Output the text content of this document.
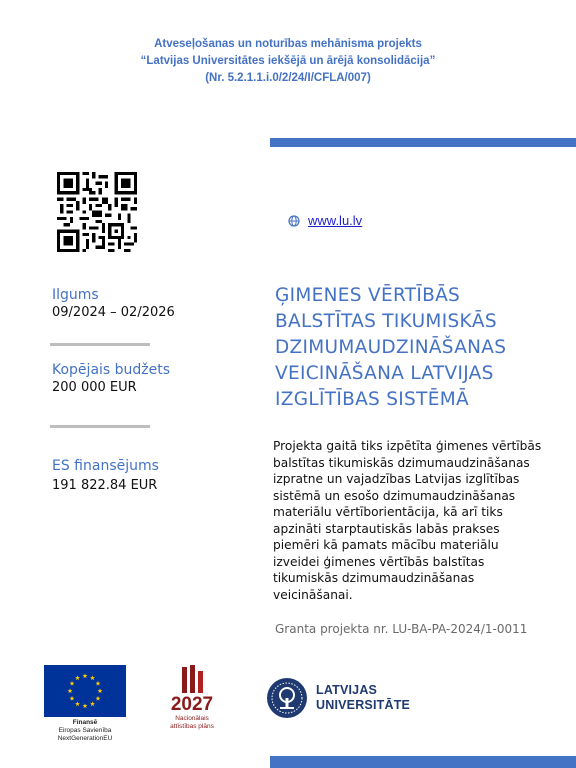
Atveseļošanas un noturības mehānisma projekts
“Latvijas Universitātes iekšējā un ārējā konsolidācija”
(Nr. 5.2.1.1.i.0/2/24/I/CFLA/007)
www.lu.lv
Ilgums
09/2024 – 02/2026
Kopējais budžets
200 000 EUR
ES finansējums
191 822.84 EUR
ĢIMENES VĒRTĪBĀS
BALSTĪTAS TIKUMISKĀS
DZIMUMAUDZINĀŠANAS
VEICINĀŠANA LATVIJAS
IZGLĪTĪBAS SISTĒMĀ
Projekta gaitā tiks izpētīta ģimenes vērtībās
balstītas tikumiskās dzimumaudzināšanas
izpratne un vajadzības Latvijas izglītības
sistēmā un esošo dzimumaudzināšanas
materiālu vērtīborientācija, kā arī tiks
apzināti starptautiskās labās prakses
piemēri kā pamats mācību materiālu
izveidei ģimenes vērtībās balstītas
tikumiskās dzimumaudzināšanas
veicināšanai.
Granta projekta nr. LU-BA-PA-2024/1-0011
Finansē
Eiropas Savienība
NextGenerationEU
2027
Nacionālais
attīstības plāns
LATVIJAS
UNIVERSITĀTE
